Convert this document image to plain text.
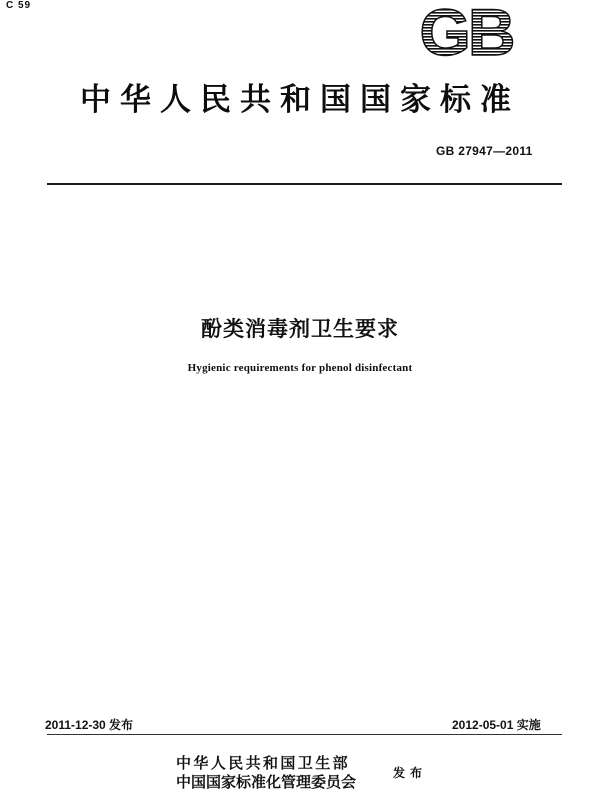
C 59	GB
中华人民共和国国家标准
GB 27947—2011
酚类消毒剂卫生要求
Hygienic requirements for phenol disinfectant
2011-12-30 发布	2012-05-01 实施
中华人民共和国卫生部
中国国家标准化管理委员会	发布
